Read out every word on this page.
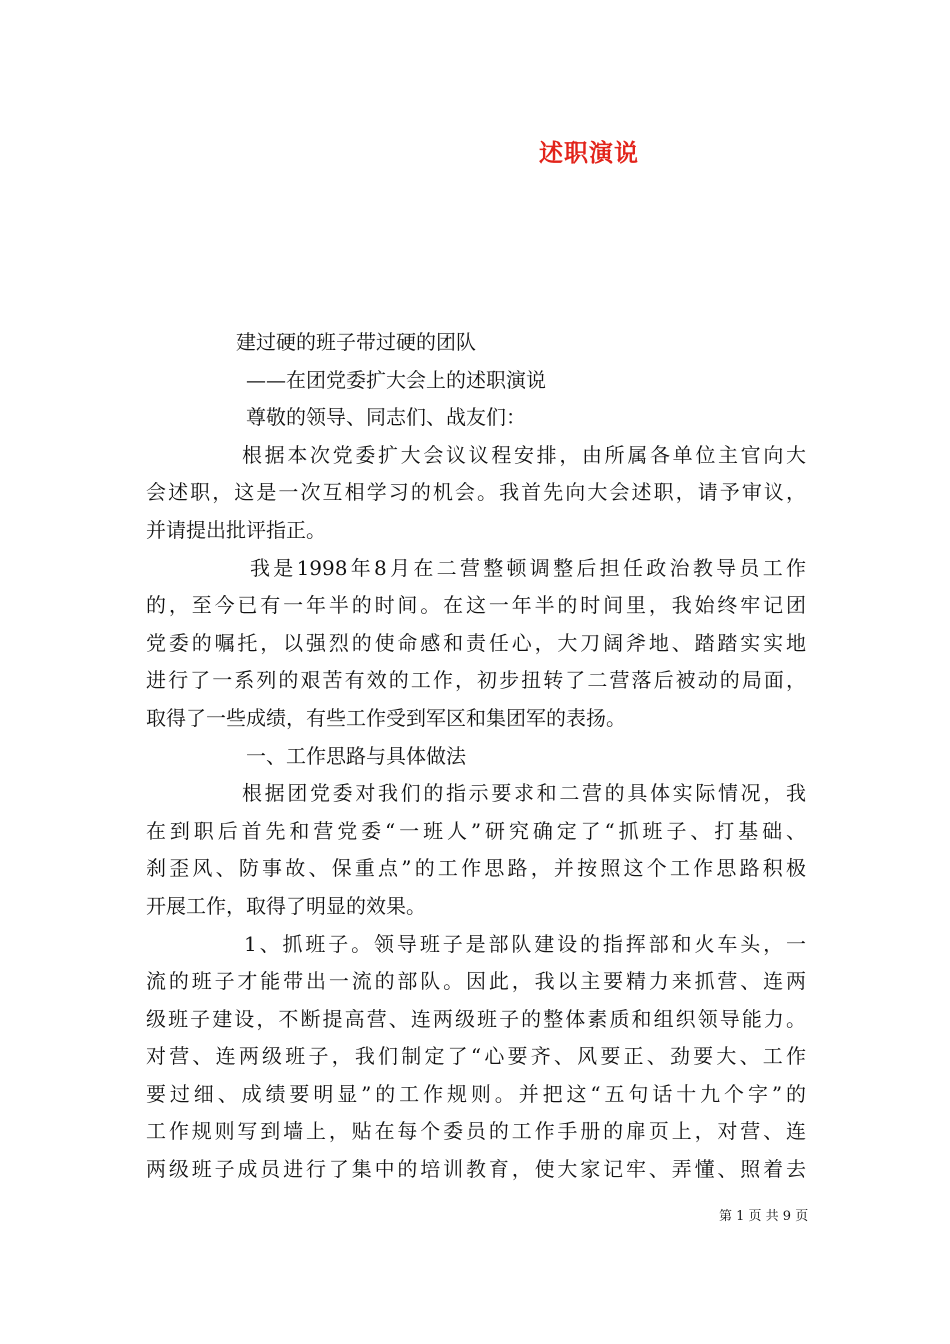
述职演说

建过硬的班子带过硬的团队

——在团党委扩大会上的述职演说

尊敬的领导、同志们、战友们：

根据本次党委扩大会议议程安排，由所属各单位主官向大

会述职，这是一次互相学习的机会。我首先向大会述职，请予审议，

并请提出批评指正。

我是1998年8月在二营整顿调整后担任政治教导员工作

的，至今已有一年半的时间。在这一年半的时间里，我始终牢记团

党委的嘱托，以强烈的使命感和责任心，大刀阔斧地、踏踏实实地

进行了一系列的艰苦有效的工作，初步扭转了二营落后被动的局面，

取得了一些成绩，有些工作受到军区和集团军的表扬。

一、工作思路与具体做法

根据团党委对我们的指示要求和二营的具体实际情况，我

在到职后首先和营党委“一班人”研究确定了“抓班子、打基础、

刹歪风、防事故、保重点”的工作思路，并按照这个工作思路积极

开展工作，取得了明显的效果。

1、抓班子。领导班子是部队建设的指挥部和火车头，一

流的班子才能带出一流的部队。因此，我以主要精力来抓营、连两

级班子建设，不断提高营、连两级班子的整体素质和组织领导能力。

对营、连两级班子，我们制定了“心要齐、风要正、劲要大、工作

要过细、成绩要明显”的工作规则。并把这“五句话十九个字”的

工作规则写到墙上，贴在每个委员的工作手册的扉页上，对营、连

两级班子成员进行了集中的培训教育，使大家记牢、弄懂、照着去

第 1 页 共 9 页
